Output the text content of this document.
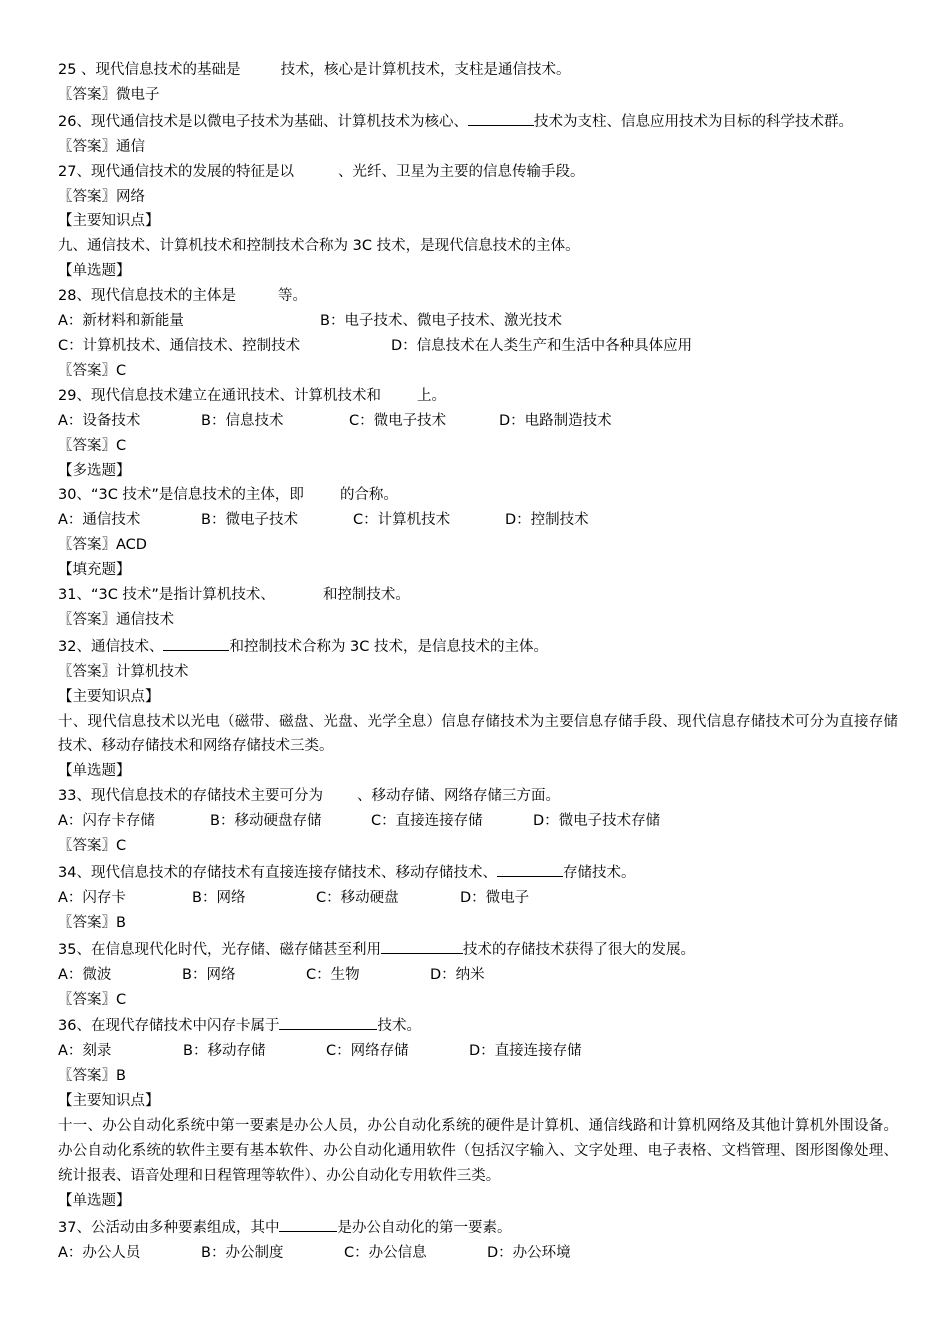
25 、现代信息技术的基础是	技术，核心是计算机技术，支柱是通信技术。

〖答案〗微电子

26、现代通信技术是以微电子技术为基础、计算机技术为核心、	技术为支柱、信息应用技术为目标的科学技术群。

〖答案〗通信

27、现代通信技术的发展的特征是以	、光纤、卫星为主要的信息传输手段。

〖答案〗网络

【主要知识点】

九、通信技术、计算机技术和控制技术合称为 3C 技术，是现代信息技术的主体。

【单选题】

28、现代信息技术的主体是	等。

A：新材料和新能量	B：电子技术、微电子技术、激光技术
C：计算机技术、通信技术、控制技术	D：信息技术在人类生产和生活中各种具体应用

〖答案〗C

29、现代信息技术建立在通讯技术、计算机技术和 上。

A：设备技术	B：信息技术	C：微电子技术	D：电路制造技术

〖答案〗C

【多选题】

30、“3C 技术”是信息技术的主体，即 的合称。

A：通信技术	B：微电子技术	C：计算机技术	D：控制技术

〖答案〗ACD

【填充题】

31、“3C 技术”是指计算机技术、	和控制技术。

〖答案〗通信技术

32、通信技术、	和控制技术合称为 3C 技术，是信息技术的主体。

〖答案〗计算机技术

【主要知识点】

十、现代信息技术以光电（磁带、磁盘、光盘、光学全息）信息存储技术为主要信息存储手段、现代信息存储技术可分为直接存储技术、移动存储技术和网络存储技术三类。

【单选题】

33、现代信息技术的存储技术主要可分为 、移动存储、网络存储三方面。

A：闪存卡存储	B：移动硬盘存储	C：直接连接存储	D：微电子技术存储

〖答案〗C

34、现代信息技术的存储技术有直接连接存储技术、移动存储技术、	存储技术。

A：闪存卡	B：网络	C：移动硬盘	D：微电子

〖答案〗B

35、在信息现代化时代，光存储、磁存储甚至利用	技术的存储技术获得了很大的发展。

A：微波	B：网络	C：生物	D：纳米

〖答案〗C

36、在现代存储技术中闪存卡属于	技术。

A：刻录	B：移动存储	C：网络存储	D：直接连接存储

〖答案〗B

【主要知识点】

十一、办公自动化系统中第一要素是办公人员，办公自动化系统的硬件是计算机、通信线路和计算机网络及其他计算机外围设备。办公自动化系统的软件主要有基本软件、办公自动化通用软件（包括汉字输入、文字处理、电子表格、文档管理、图形图像处理、统计报表、语音处理和日程管理等软件）、办公自动化专用软件三类。

【单选题】

37、公活动由多种要素组成，其中	是办公自动化的第一要素。

A：办公人员	B：办公制度	C：办公信息	D：办公环境
